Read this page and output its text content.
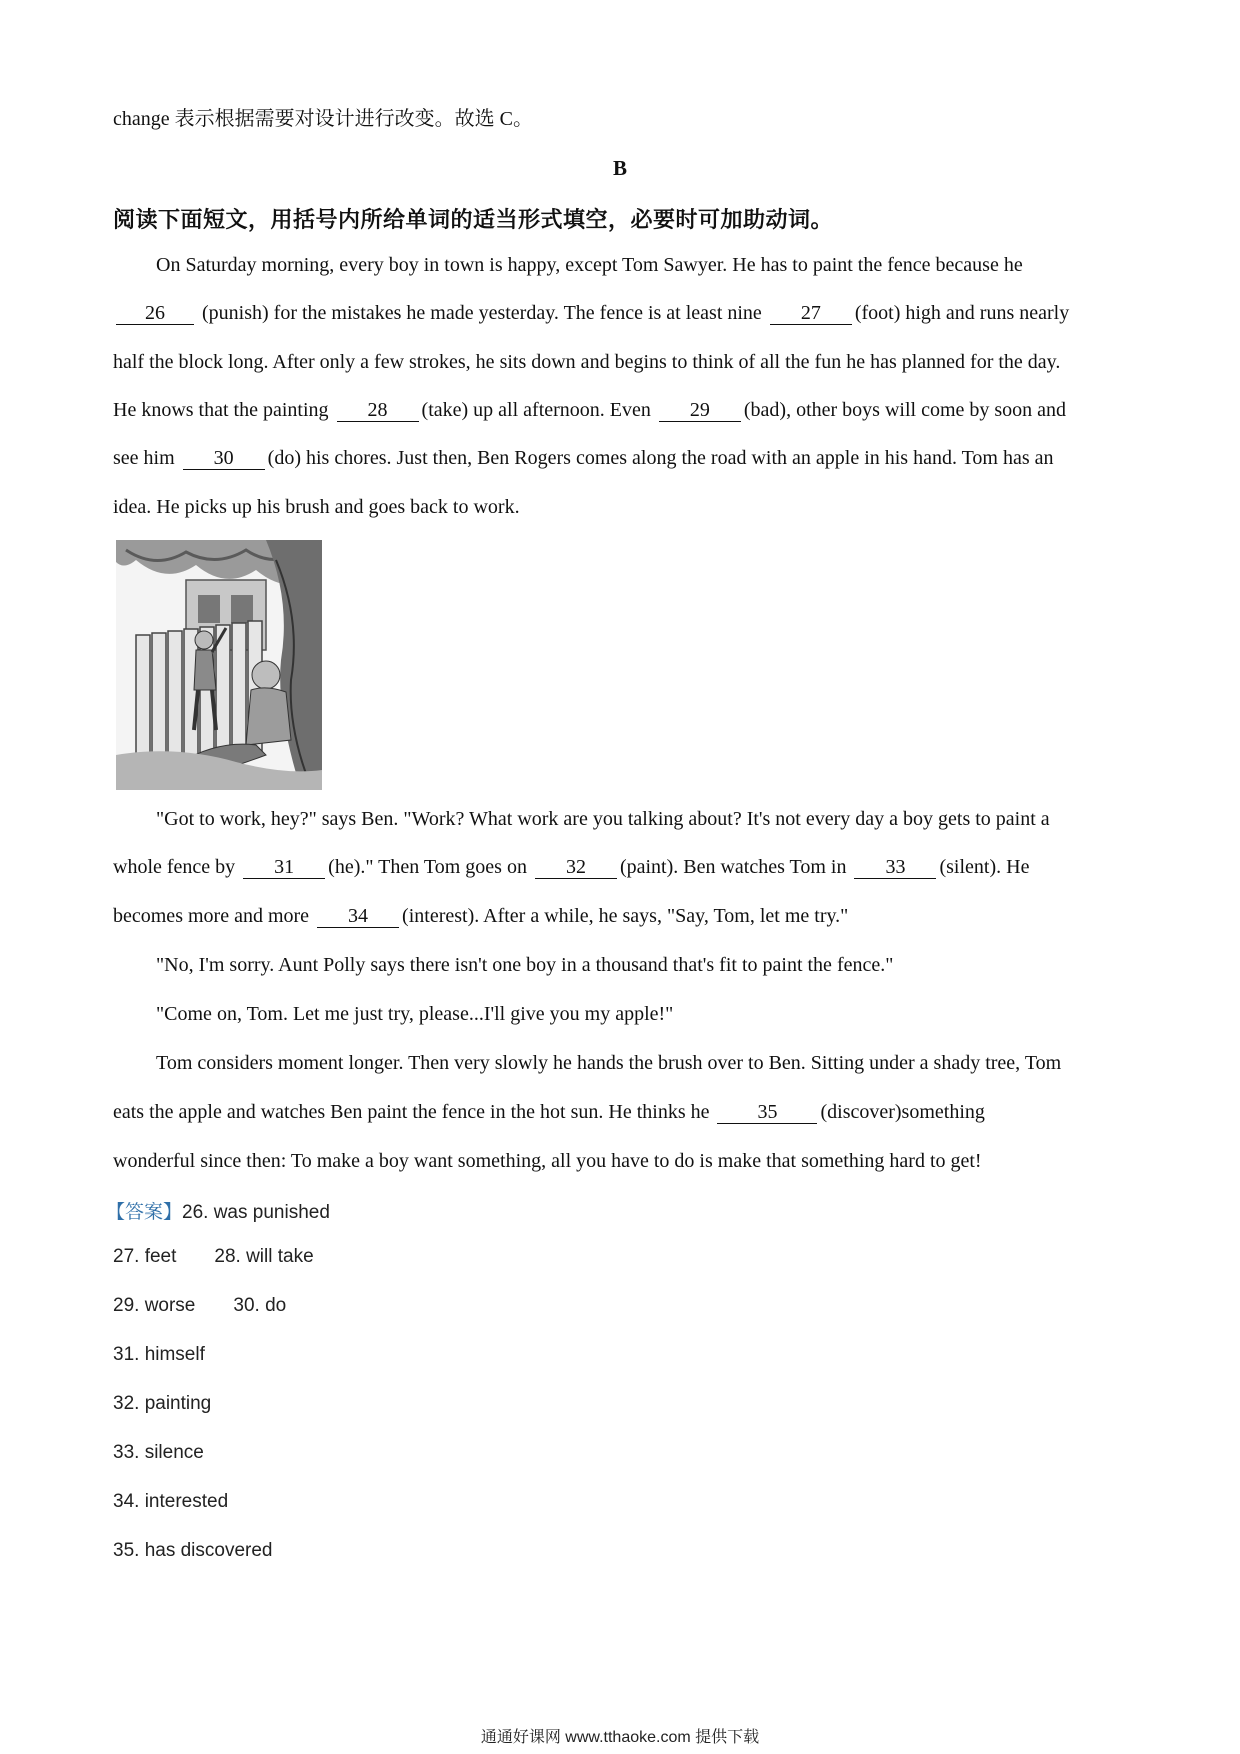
change 表示根据需要对设计进行改变。故选 C。
B
阅读下面短文，用括号内所给单词的适当形式填空，必要时可加助动词。
On Saturday morning, every boy in town is happy, except Tom Sawyer. He has to paint the fence because he
26 (punish) for the mistakes he made yesterday. The fence is at least nine 27 (foot) high and runs nearly
half the block long. After only a few strokes, he sits down and begins to think of all the fun he has planned for the day.
He knows that the painting 28 (take) up all afternoon. Even 29 (bad), other boys will come by soon and
see him 30 (do) his chores. Just then, Ben Rogers comes along the road with an apple in his hand. Tom has an
idea. He picks up his brush and goes back to work.
"Got to work, hey?" says Ben. "Work? What work are you talking about? It's not every day a boy gets to paint a
whole fence by 31 (he)." Then Tom goes on 32 (paint). Ben watches Tom in 33 (silent). He
becomes more and more 34 (interest). After a while, he says, "Say, Tom, let me try."
"No, I'm sorry. Aunt Polly says there isn't one boy in a thousand that's fit to paint the fence."
"Come on, Tom. Let me just try, please...I'll give you my apple!"
Tom considers moment longer. Then very slowly he hands the brush over to Ben. Sitting under a shady tree, Tom
eats the apple and watches Ben paint the fence in the hot sun. He thinks he 35 (discover)something
wonderful since then: To make a boy want something, all you have to do is make that something hard to get!
【答案】26. was punished
27. feet 28. will take
29. worse 30. do
31. himself
32. painting
33. silence
34. interested
35. has discovered
通通好课网 www.tthaoke.com 提供下载
